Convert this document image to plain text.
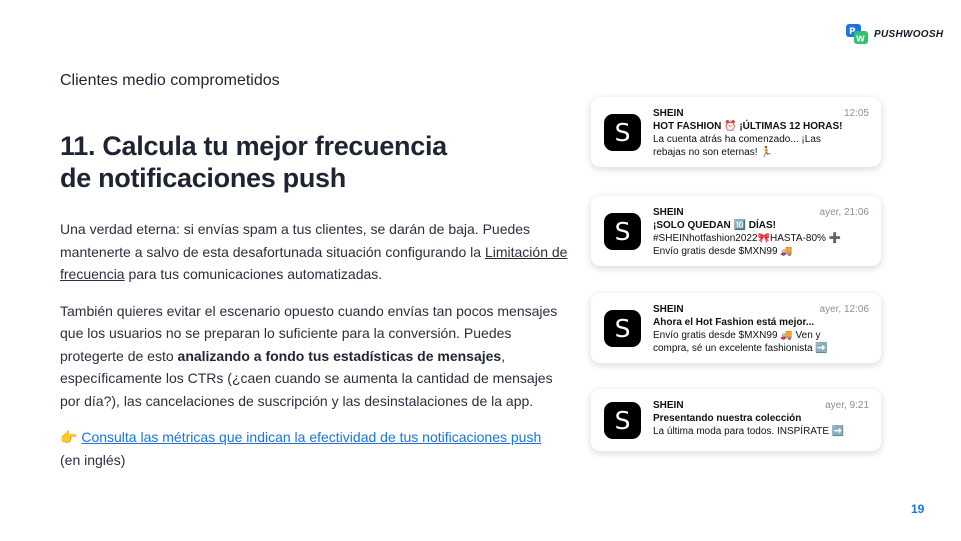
P
W PUSHWOOSH
Clientes medio comprometidos
11. Calcula tu mejor frecuencia
de notificaciones push

Una verdad eterna: si envías spam a tus clientes, se darán de baja. Puedes mantenerte a salvo de esta desafortunada situación configurando la Limitación de frecuencia para tus comunicaciones automatizadas.

También quieres evitar el escenario opuesto cuando envías tan pocos mensajes que los usuarios no se preparan lo suficiente para la conversión. Puedes protegerte de esto analizando a fondo tus estadísticas de mensajes, específicamente los CTRs (¿caen cuando se aumenta la cantidad de mensajes por día?), las cancelaciones de suscripción y las desinstalaciones de la app.

👉 Consulta las métricas que indican la efectividad de tus notificaciones push
(en inglés)

S
SHEIN	12:05
HOT FASHION ⏰ ¡ÚLTIMAS 12 HORAS!
La cuenta atrás ha comenzado... ¡Las
rebajas no son eternas! 🏃
S
SHEIN	ayer, 21:06
¡SOLO QUEDAN 🔟 DÍAS!
#SHEINhotfashion2022🎀HASTA-80% ➕
Envío gratis desde $MXN99 🚚
S
SHEIN	ayer, 12:06
Ahora el Hot Fashion está mejor...
Envío gratis desde $MXN99 🚚 Ven y
compra, sé un excelente fashionista ➡️
S
SHEIN	ayer, 9:21
Presentando nuestra colección
La última moda para todos. INSPÍRATE ➡️
19
